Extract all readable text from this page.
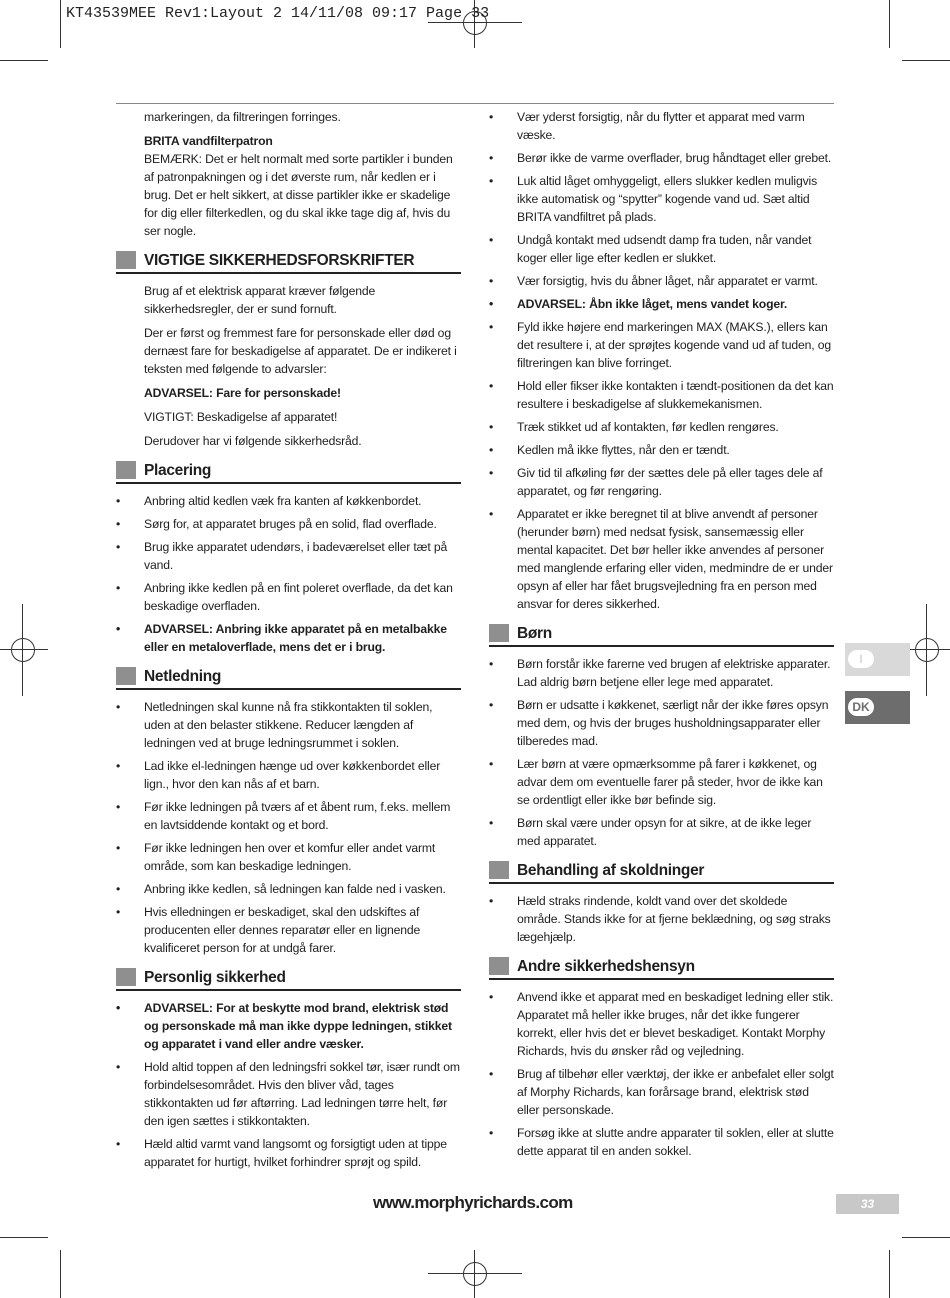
KT43539MEE Rev1:Layout 2 14/11/08 09:17 Page 33

markeringen, da filtreringen forringes.

BRITA vandfilterpatron

BEMÆRK: Det er helt normalt med sorte partikler i bunden af patronpakningen og i det øverste rum, når kedlen er i brug. Det er helt sikkert, at disse partikler ikke er skadelige for dig eller filterkedlen, og du skal ikke tage dig af, hvis du ser nogle.

VIGTIGE SIKKERHEDSFORSKRIFTER

Brug af et elektrisk apparat kræver følgende sikkerhedsregler, der er sund fornuft.

Der er først og fremmest fare for personskade eller død og dernæst fare for beskadigelse af apparatet. De er indikeret i teksten med følgende to advarsler:

ADVARSEL: Fare for personskade!

VIGTIGT: Beskadigelse af apparatet!

Derudover har vi følgende sikkerhedsråd.

Placering
• Anbring altid kedlen væk fra kanten af køkkenbordet.
• Sørg for, at apparatet bruges på en solid, flad overflade.
• Brug ikke apparatet udendørs, i badeværelset eller tæt på vand.
• Anbring ikke kedlen på en fint poleret overflade, da det kan beskadige overfladen.
• ADVARSEL: Anbring ikke apparatet på en metalbakke eller en metaloverflade, mens det er i brug.
Netledning
• Netledningen skal kunne nå fra stikkontakten til soklen, uden at den belaster stikkene. Reducer længden af ledningen ved at bruge ledningsrummet i soklen.
• Lad ikke el-ledningen hænge ud over køkkenbordet eller lign., hvor den kan nås af et barn.
• Før ikke ledningen på tværs af et åbent rum, f.eks. mellem en lavtsiddende kontakt og et bord.
• Før ikke ledningen hen over et komfur eller andet varmt område, som kan beskadige ledningen.
• Anbring ikke kedlen, så ledningen kan falde ned i vasken.
• Hvis elledningen er beskadiget, skal den udskiftes af producenten eller dennes reparatør eller en lignende kvalificeret person for at undgå farer.
Personlig sikkerhed
• ADVARSEL: For at beskytte mod brand, elektrisk stød og personskade må man ikke dyppe ledningen, stikket og apparatet i vand eller andre væsker.
• Hold altid toppen af den ledningsfri sokkel tør, især rundt om forbindelsesområdet. Hvis den bliver våd, tages stikkontakten ud før aftørring. Lad ledningen tørre helt, før den igen sættes i stikkontakten.
• Hæld altid varmt vand langsomt og forsigtigt uden at tippe apparatet for hurtigt, hvilket forhindrer sprøjt og spild.
• Vær yderst forsigtig, når du flytter et apparat med varm væske.
• Berør ikke de varme overflader, brug håndtaget eller grebet.
• Luk altid låget omhyggeligt, ellers slukker kedlen muligvis ikke automatisk og “spytter” kogende vand ud. Sæt altid BRITA vandfiltret på plads.
• Undgå kontakt med udsendt damp fra tuden, når vandet koger eller lige efter kedlen er slukket.
• Vær forsigtig, hvis du åbner låget, når apparatet er varmt.
• ADVARSEL: Åbn ikke låget, mens vandet koger.
• Fyld ikke højere end markeringen MAX (MAKS.), ellers kan det resultere i, at der sprøjtes kogende vand ud af tuden, og filtreringen kan blive forringet.
• Hold eller fikser ikke kontakten i tændt-positionen da det kan resultere i beskadigelse af slukkemekanismen.
• Træk stikket ud af kontakten, før kedlen rengøres.
• Kedlen må ikke flyttes, når den er tændt.
• Giv tid til afkøling før der sættes dele på eller tages dele af apparatet, og før rengøring.
• Apparatet er ikke beregnet til at blive anvendt af personer (herunder børn) med nedsat fysisk, sansemæssig eller mental kapacitet. Det bør heller ikke anvendes af personer med manglende erfaring eller viden, medmindre de er under opsyn af eller har fået brugsvejledning fra en person med ansvar for deres sikkerhed.
Børn
• Børn forstår ikke farerne ved brugen af elektriske apparater. Lad aldrig børn betjene eller lege med apparatet.
• Børn er udsatte i køkkenet, særligt når der ikke føres opsyn med dem, og hvis der bruges husholdningsapparater eller tilberedes mad.
• Lær børn at være opmærksomme på farer i køkkenet, og advar dem om eventuelle farer på steder, hvor de ikke kan se ordentligt eller ikke bør befinde sig.
• Børn skal være under opsyn for at sikre, at de ikke leger med apparatet.
Behandling af skoldninger
• Hæld straks rindende, koldt vand over det skoldede område. Stands ikke for at fjerne beklædning, og søg straks lægehjælp.
Andre sikkerhedshensyn
• Anvend ikke et apparat med en beskadiget ledning eller stik. Apparatet må heller ikke bruges, når det ikke fungerer korrekt, eller hvis det er blevet beskadiget. Kontakt Morphy Richards, hvis du ønsker råd og vejledning.
• Brug af tilbehør eller værktøj, der ikke er anbefalet eller solgt af Morphy Richards, kan forårsage brand, elektrisk stød eller personskade.
• Forsøg ikke at slutte andre apparater til soklen, eller at slutte dette apparat til en anden sokkel.
I
DK
www.morphyrichards.com	33
